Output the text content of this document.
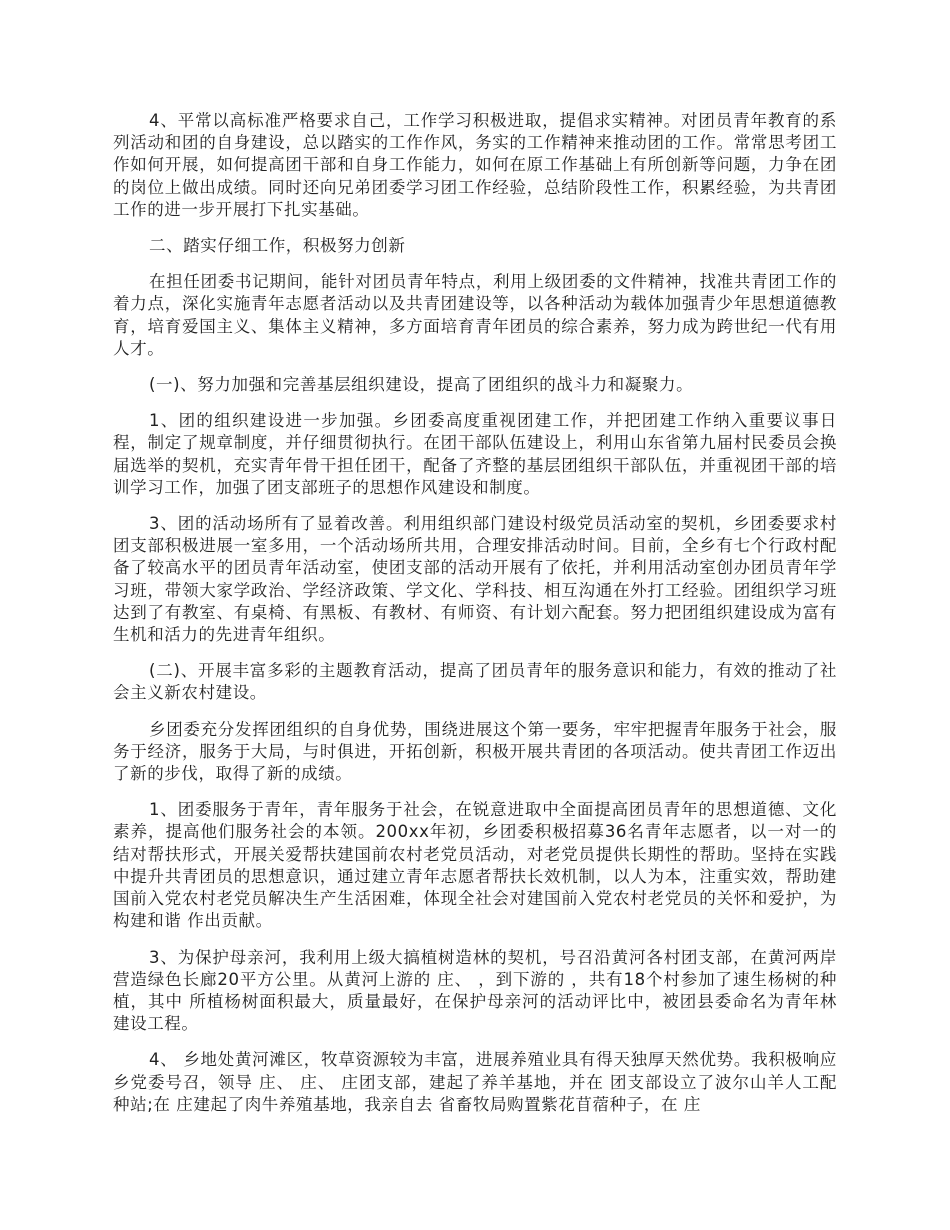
4、平常以高标准严格要求自己，工作学习积极进取，提倡求实精神。对团员青年教育的系列活动和团的自身建设，总以踏实的工作作风，务实的工作精神来推动团的工作。常常思考团工作如何开展，如何提高团干部和自身工作能力，如何在原工作基础上有所创新等问题，力争在团的岗位上做出成绩。同时还向兄弟团委学习团工作经验，总结阶段性工作，积累经验，为共青团工作的进一步开展打下扎实基础。

二、踏实仔细工作，积极努力创新

在担任团委书记期间，能针对团员青年特点，利用上级团委的文件精神，找准共青团工作的着力点，深化实施青年志愿者活动以及共青团建设等，以各种活动为载体加强青少年思想道德教育，培育爱国主义、集体主义精神，多方面培育青年团员的综合素养，努力成为跨世纪一代有用人才。

(一)、努力加强和完善基层组织建设，提高了团组织的战斗力和凝聚力。

1、团的组织建设进一步加强。乡团委高度重视团建工作，并把团建工作纳入重要议事日程，制定了规章制度，并仔细贯彻执行。在团干部队伍建设上，利用山东省第九届村民委员会换届选举的契机，充实青年骨干担任团干，配备了齐整的基层团组织干部队伍，并重视团干部的培训学习工作，加强了团支部班子的思想作风建设和制度。

3、团的活动场所有了显着改善。利用组织部门建设村级党员活动室的契机，乡团委要求村团支部积极进展一室多用，一个活动场所共用，合理安排活动时间。目前，全乡有七个行政村配备了较高水平的团员青年活动室，使团支部的活动开展有了依托，并利用活动室创办团员青年学习班，带领大家学政治、学经济政策、学文化、学科技、相互沟通在外打工经验。团组织学习班达到了有教室、有桌椅、有黑板、有教材、有师资、有计划六配套。努力把团组织建设成为富有生机和活力的先进青年组织。

(二)、开展丰富多彩的主题教育活动，提高了团员青年的服务意识和能力，有效的推动了社会主义新农村建设。

乡团委充分发挥团组织的自身优势，围绕进展这个第一要务，牢牢把握青年服务于社会，服务于经济，服务于大局，与时俱进，开拓创新，积极开展共青团的各项活动。使共青团工作迈出了新的步伐，取得了新的成绩。

1、团委服务于青年，青年服务于社会，在锐意进取中全面提高团员青年的思想道德、文化素养，提高他们服务社会的本领。200xx年初，乡团委积极招募36名青年志愿者，以一对一的结对帮扶形式，开展关爱帮扶建国前农村老党员活动，对老党员提供长期性的帮助。坚持在实践中提升共青团员的思想意识，通过建立青年志愿者帮扶长效机制，以人为本，注重实效，帮助建国前入党农村老党员解决生产生活困难，体现全社会对建国前入党农村老党员的关怀和爱护，为构建和谐 作出贡献。

3、为保护母亲河，我利用上级大搞植树造林的契机，号召沿黄河各村团支部，在黄河两岸营造绿色长廊20平方公里。从黄河上游的 庄、 ，到下游的 ，共有18个村参加了速生杨树的种植，其中 所植杨树面积最大，质量最好，在保护母亲河的活动评比中，被团县委命名为青年林建设工程。

4、 乡地处黄河滩区，牧草资源较为丰富，进展养殖业具有得天独厚天然优势。我积极响应乡党委号召，领导 庄、 庄、 庄团支部，建起了养羊基地，并在 团支部设立了波尔山羊人工配种站;在 庄建起了肉牛养殖基地，我亲自去 省畜牧局购置紫花苜蓿种子，在 庄
